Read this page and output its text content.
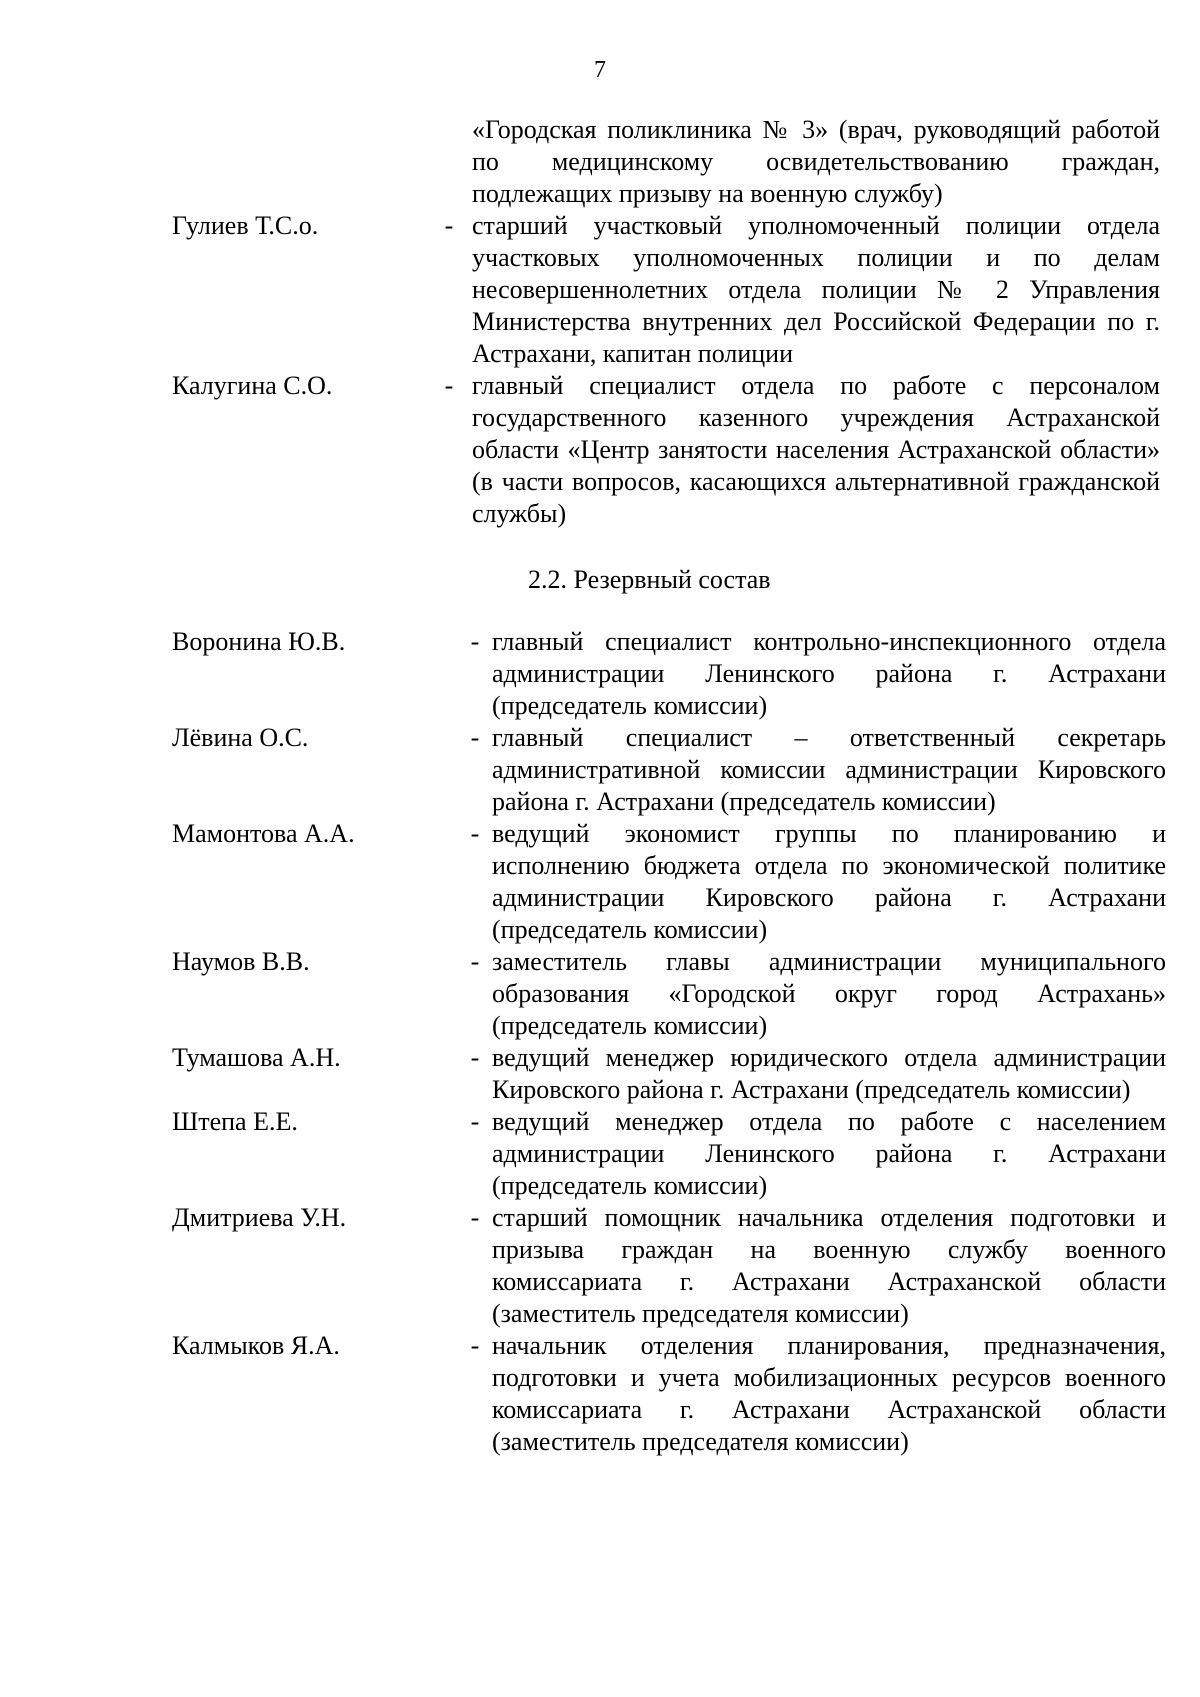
7
«Городская поликлиника № 3» (врач, руководящий работой по медицинскому освидетельствованию граждан, подлежащих призыву на военную службу)
Гулиев Т.С.о.	- старший участковый уполномоченный полиции отдела участковых уполномоченных полиции и по делам несовершеннолетних отдела полиции № 2 Управления Министерства внутренних дел Российской Федерации по г. Астрахани, капитан полиции
Калугина С.О.	- главный специалист отдела по работе с персоналом государственного казенного учреждения Астраханской области «Центр занятости населения Астраханской области» (в части вопросов, касающихся альтернативной гражданской службы)
2.2. Резервный состав
Воронина Ю.В.	- главный специалист контрольно-инспекционного отдела администрации Ленинского района г. Астрахани (председатель комиссии)
Лёвина О.С.	- главный специалист – ответственный секретарь административной комиссии администрации Кировского района г. Астрахани (председатель комиссии)
Мамонтова А.А.	- ведущий экономист группы по планированию и исполнению бюджета отдела по экономической политике администрации Кировского района г. Астрахани (председатель комиссии)
Наумов В.В.	- заместитель главы администрации муниципального образования «Городской округ город Астрахань» (председатель комиссии)
Тумашова А.Н.	- ведущий менеджер юридического отдела администрации Кировского района г. Астрахани (председатель комиссии)
Штепа Е.Е.	- ведущий менеджер отдела по работе с населением администрации Ленинского района г. Астрахани (председатель комиссии)
Дмитриева У.Н.	- старший помощник начальника отделения подготовки и призыва граждан на военную службу военного комиссариата г. Астрахани Астраханской области (заместитель председателя комиссии)
Калмыков Я.А.	- начальник отделения планирования, предназначения, подготовки и учета мобилизационных ресурсов военного комиссариата г. Астрахани Астраханской области (заместитель председателя комиссии)
